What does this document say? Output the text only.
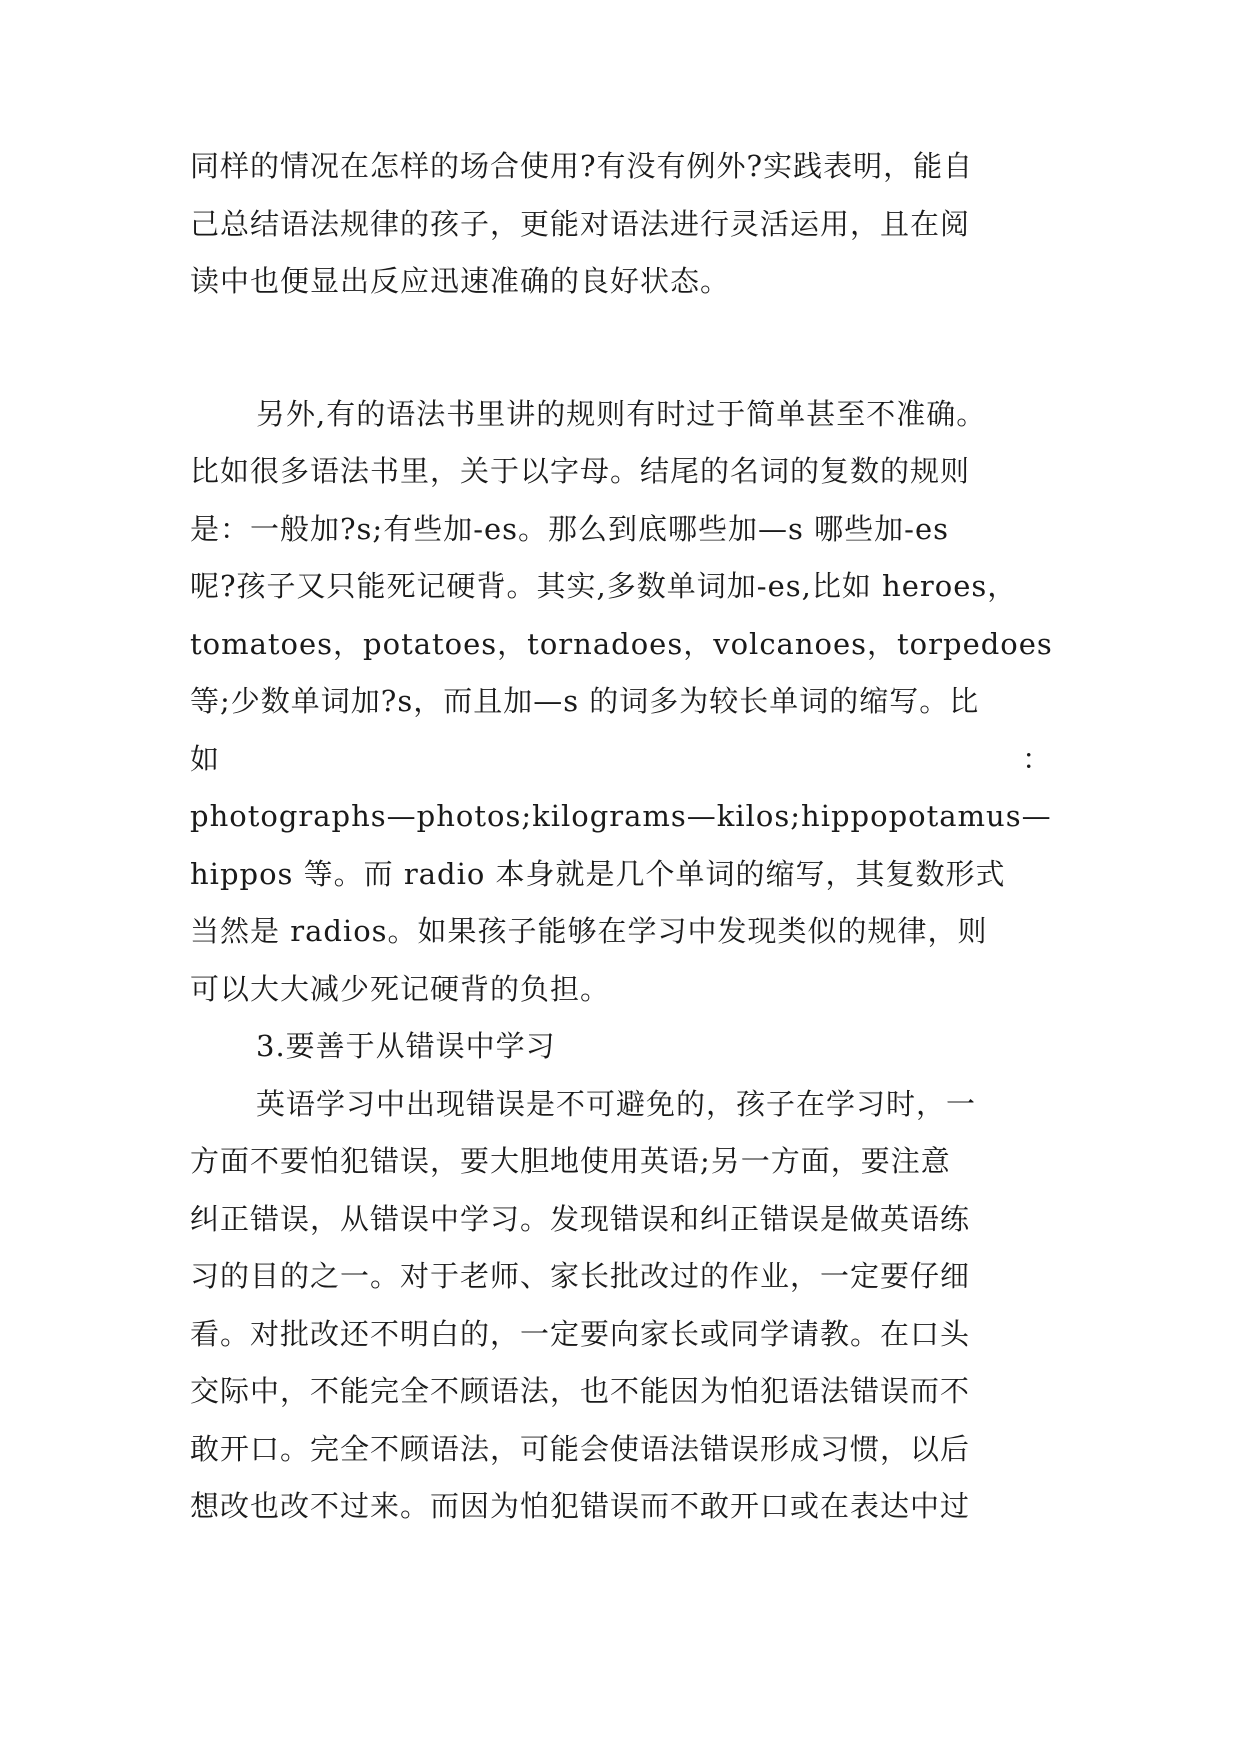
同样的情况在怎样的场合使用?有没有例外?实践表明，能自
己总结语法规律的孩子，更能对语法进行灵活运用，且在阅
读中也便显出反应迅速准确的良好状态。
另外,有的语法书里讲的规则有时过于简单甚至不准确。
比如很多语法书里，关于以字母。结尾的名词的复数的规则
是：一般加?s;有些加-es。那么到底哪些加—s 哪些加-es
呢?孩子又只能死记硬背。其实,多数单词加-es,比如 heroes，
tomatoes，potatoes，tornadoes，volcanoes，torpedoes
等;少数单词加?s，而且加—s 的词多为较长单词的缩写。比
如	：
photographs—photos;kilograms—kilos;hippopotamus—
hippos 等。而 radio 本身就是几个单词的缩写，其复数形式
当然是 radios。如果孩子能够在学习中发现类似的规律，则
可以大大减少死记硬背的负担。
3.要善于从错误中学习
英语学习中出现错误是不可避免的，孩子在学习时，一
方面不要怕犯错误，要大胆地使用英语;另一方面，要注意
纠正错误，从错误中学习。发现错误和纠正错误是做英语练
习的目的之一。对于老师、家长批改过的作业，一定要仔细
看。对批改还不明白的，一定要向家长或同学请教。在口头
交际中，不能完全不顾语法，也不能因为怕犯语法错误而不
敢开口。完全不顾语法，可能会使语法错误形成习惯，以后
想改也改不过来。而因为怕犯错误而不敢开口或在表达中过
